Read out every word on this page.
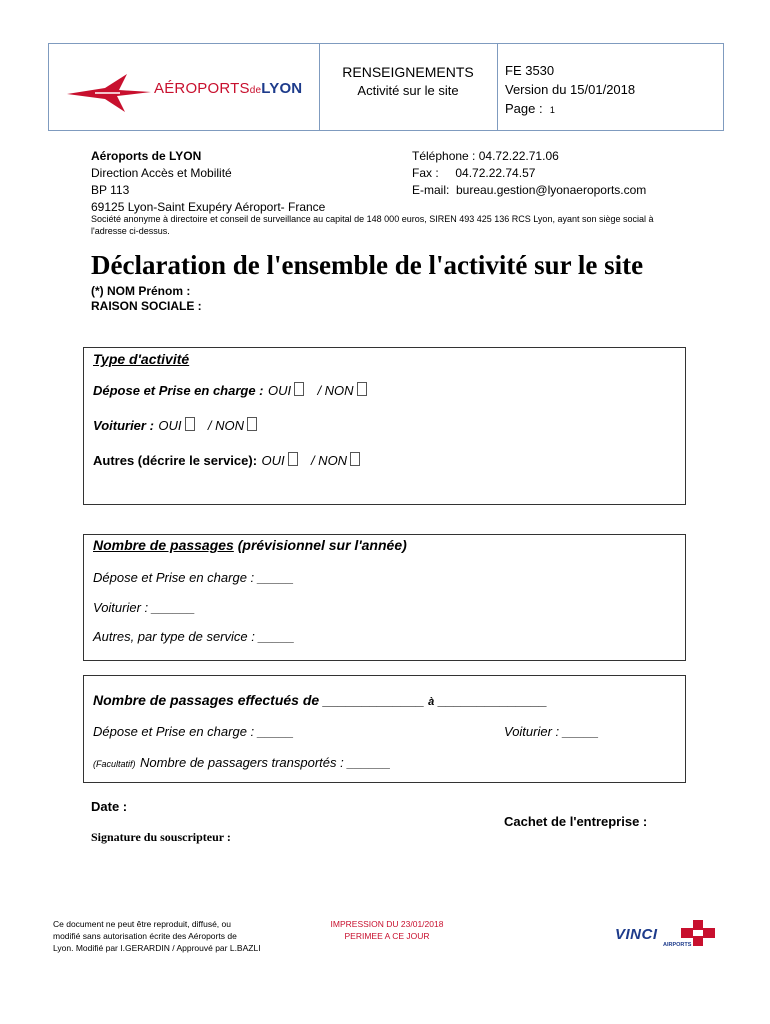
AÉROPORTSdeLYON
RENSEIGNEMENTS
Activité sur le site
FE 3530
Version du 15/01/2018
Page : 1
Aéroports de LYON
Direction Accès et Mobilité
BP 113
69125 Lyon-Saint Exupéry Aéroport- France
Téléphone : 04.72.22.71.06
Fax :     04.72.22.74.57
E-mail:  bureau.gestion@lyonaeroports.com
Société anonyme à directoire et conseil de surveillance au capital de 148 000 euros, SIREN 493 425 136 RCS Lyon, ayant son siège social à
l'adresse ci-dessus.
Déclaration de l'ensemble de l'activité sur le site
(*) NOM Prénom :
RAISON SOCIALE :
Type d'activité
Dépose et Prise en charge : OUI / NON
Voiturier : OUI / NON
Autres (décrire le service): OUI / NON
Nombre de passages (prévisionnel sur l'année)
Dépose et Prise en charge : _____
Voiturier : ______
Autres, par type de service : _____
Nombre de passages effectués de _____________ à ______________
Dépose et Prise en charge : _____	Voiturier : _____
(Facultatif) Nombre de passagers transportés : ______
Date :
Cachet de l'entreprise :
Signature du souscripteur :
Ce document ne peut être reproduit, diffusé, ou
modifié sans autorisation écrite des Aéroports de
Lyon. Modifié par I.GERARDIN / Approuvé par L.BAZLI
IMPRESSION DU 23/01/2018
PERIMEE A CE JOUR	VINCI
AIRPORTS
